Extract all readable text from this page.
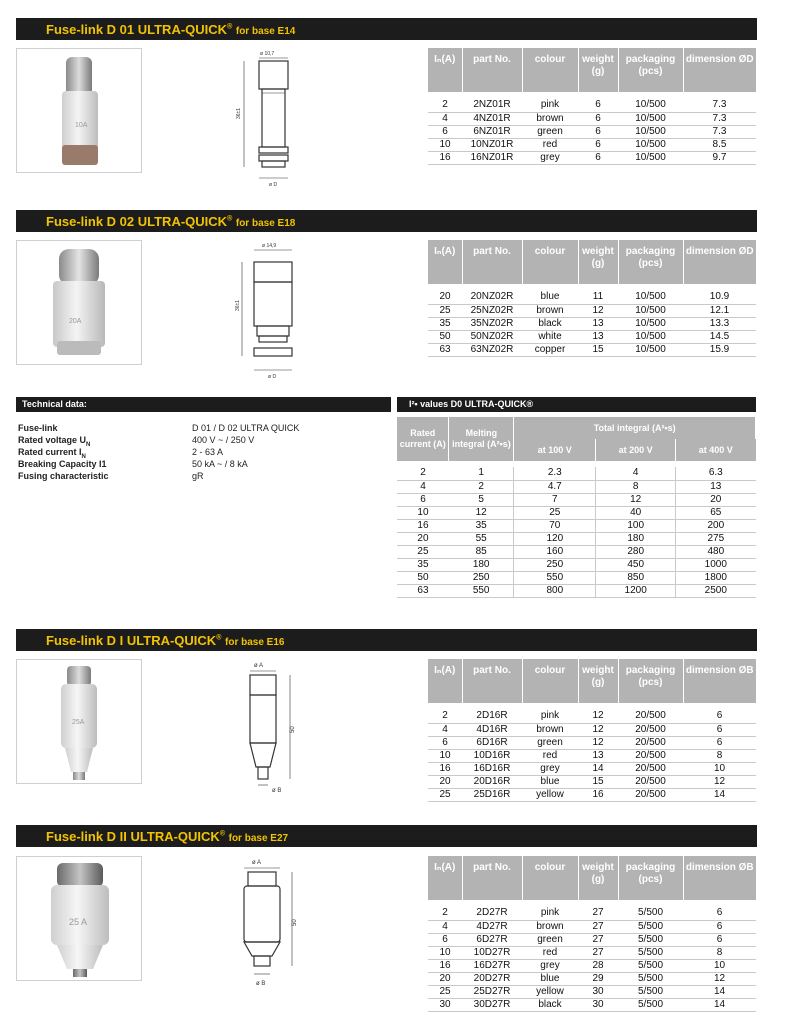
Fuse-link D 01 ULTRA-QUICK® for base E14
10A
ø 10,7
36±1
ø D
Iₙ(A)	part No.	colour	weight (g)	packaging (pcs)	dimension ØD

2	2NZ01R	pink	6	10/500	7.3
4	4NZ01R	brown	6	10/500	7.3
6	6NZ01R	green	6	10/500	7.3
10	10NZ01R	red	6	10/500	8.5
16	16NZ01R	grey	6	10/500	9.7
Fuse-link D 02 ULTRA-QUICK® for base E18
20A
ø 14,9
36±1
ø D
Iₙ(A)	part No.	colour	weight (g)	packaging (pcs)	dimension ØD

20	20NZ02R	blue	11	10/500	10.9
25	25NZ02R	brown	12	10/500	12.1
35	35NZ02R	black	13	10/500	13.3
50	50NZ02R	white	13	10/500	14.5
63	63NZ02R	copper	15	10/500	15.9
Technical data:
Fuse-link	D 01 / D 02 ULTRA QUICK
Rated voltage $U_N$	400 V ~ / 250 V
Rated current $I_N$	2 - 63 A
Breaking Capacity I1	50 kA ~ / 8 kA
Fusing characteristic	gR
I²• values D0 ULTRA-QUICK®
Rated current (A)	Melting integral (A²•s)	Total integral (A²•s)		
		at 100 V	at 200 V	at 400 V

2	1	2.3	4	6.3
4	2	4.7	8	13
6	5	7	12	20
10	12	25	40	65
16	35	70	100	200
20	55	120	180	275
25	85	160	280	480
35	180	250	450	1000
50	250	550	850	1800
63	550	800	1200	2500
Fuse-link D I ULTRA-QUICK® for base E16
25A
ø A
50
ø B
Iₙ(A)	part No.	colour	weight (g)	packaging (pcs)	dimension ØB

2	2D16R	pink	12	20/500	6
4	4D16R	brown	12	20/500	6
6	6D16R	green	12	20/500	6
10	10D16R	red	13	20/500	8
16	16D16R	grey	14	20/500	10
20	20D16R	blue	15	20/500	12
25	25D16R	yellow	16	20/500	14
Fuse-link D II ULTRA-QUICK® for base E27
25 A
ø A
50
ø B
Iₙ(A)	part No.	colour	weight (g)	packaging (pcs)	dimension ØB

2	2D27R	pink	27	5/500	6
4	4D27R	brown	27	5/500	6
6	6D27R	green	27	5/500	6
10	10D27R	red	27	5/500	8
16	16D27R	grey	28	5/500	10
20	20D27R	blue	29	5/500	12
25	25D27R	yellow	30	5/500	14
30	30D27R	black	30	5/500	14
